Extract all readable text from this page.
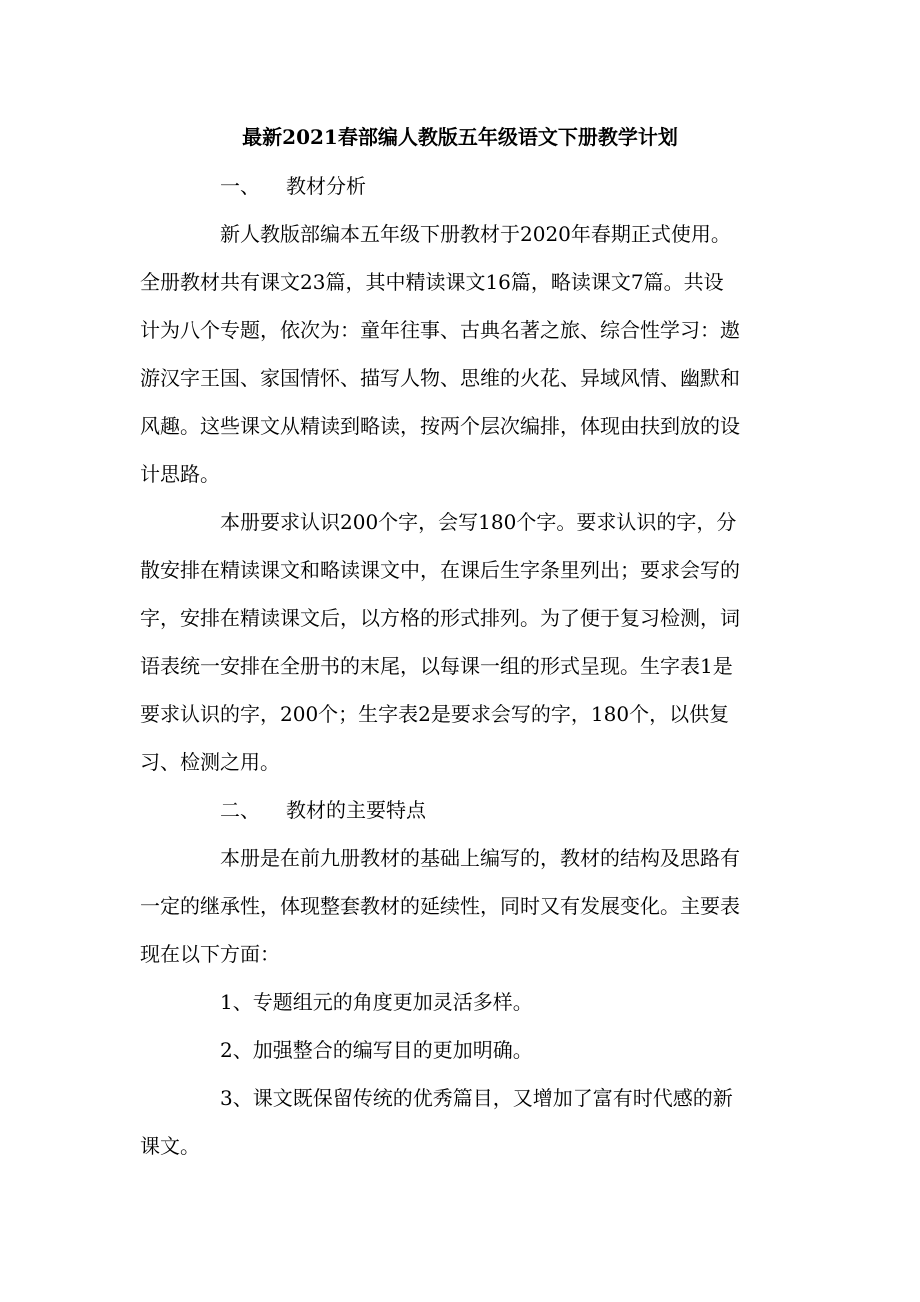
最新2021春部编人教版五年级语文下册教学计划
一、 教材分析

新人教版部编本五年级下册教材于2020年春期正式使用。

全册教材共有课文23篇，其中精读课文16篇，略读课文7篇。共设

计为八个专题，依次为：童年往事、古典名著之旅、综合性学习：遨

游汉字王国、家国情怀、描写人物、思维的火花、异域风情、幽默和

风趣。这些课文从精读到略读，按两个层次编排，体现由扶到放的设

计思路。

本册要求认识200个字，会写180个字。要求认识的字，分

散安排在精读课文和略读课文中，在课后生字条里列出；要求会写的

字，安排在精读课文后，以方格的形式排列。为了便于复习检测，词

语表统一安排在全册书的末尾，以每课一组的形式呈现。生字表1是

要求认识的字，200个；生字表2是要求会写的字，180个，以供复

习、检测之用。

二、 教材的主要特点

本册是在前九册教材的基础上编写的，教材的结构及思路有

一定的继承性，体现整套教材的延续性，同时又有发展变化。主要表

现在以下方面：

1、专题组元的角度更加灵活多样。

2、加强整合的编写目的更加明确。

3、课文既保留传统的优秀篇目，又增加了富有时代感的新

课文。
